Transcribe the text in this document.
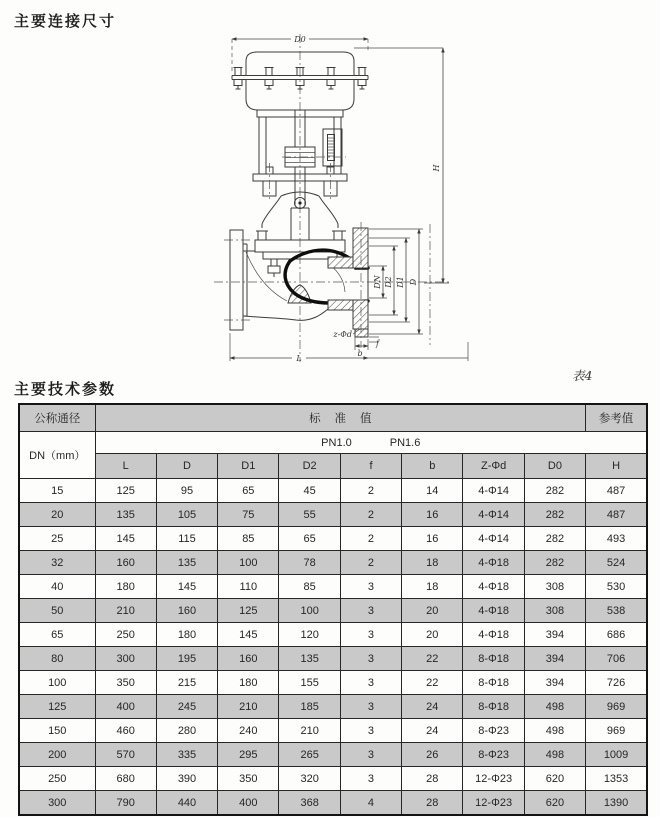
主要连接尺寸
主要技术参数
表4
D0
H
DN D2 D1 D
z-Φd
f
b
L
公称通径	标准值								参考值
DN（mm）	PN1.0 PN1.6								

	L	D	D1	D2	f	b	Z-Φd	D0	H
15	125	95	65	45	2	14	4-Φ14	282	487
20	135	105	75	55	2	16	4-Φ14	282	487
25	145	115	85	65	2	16	4-Φ14	282	493
32	160	135	100	78	2	18	4-Φ18	282	524
40	180	145	110	85	3	18	4-Φ18	308	530
50	210	160	125	100	3	20	4-Φ18	308	538
65	250	180	145	120	3	20	4-Φ18	394	686
80	300	195	160	135	3	22	8-Φ18	394	706
100	350	215	180	155	3	22	8-Φ18	394	726
125	400	245	210	185	3	24	8-Φ18	498	969
150	460	280	240	210	3	24	8-Φ23	498	969
200	570	335	295	265	3	26	8-Φ23	498	1009
250	680	390	350	320	3	28	12-Φ23	620	1353
300	790	440	400	368	4	28	12-Φ23	620	1390
